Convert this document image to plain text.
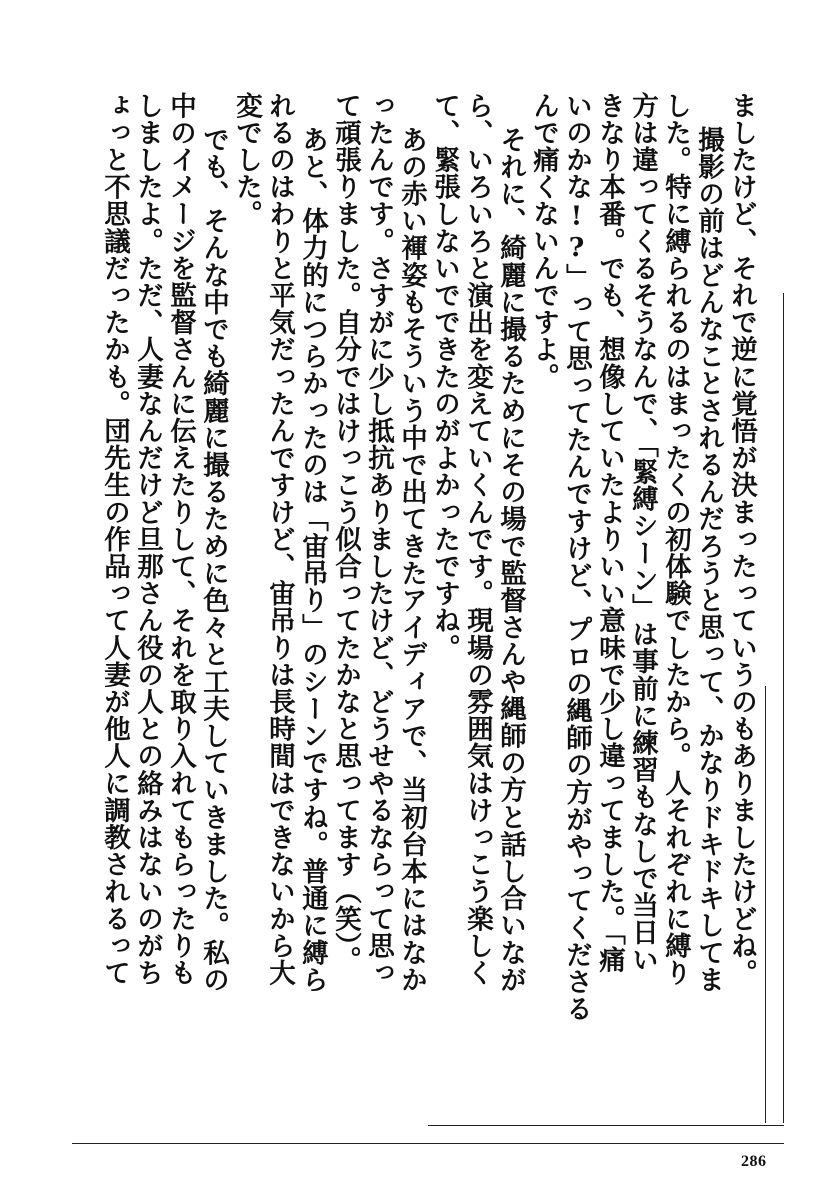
ましたけど、それで逆に覚悟が決まったっていうのもありましたけどね。
撮影の前はどんなことされるんだろうと思って、かなりドキドキしてま
した。特に縛られるのはまったくの初体験でしたから。人それぞれに縛り
方は違ってくるそうなんで、「緊縛シーン」は事前に練習もなしで当日い
きなり本番。でも、想像していたよりいい意味で少し違ってました。「痛
いのかな!?」って思ってたんですけど、プロの縄師の方がやってくださる
んで痛くないんですよ。
それに、綺麗に撮るためにその場で監督さんや縄師の方と話し合いなが
ら、いろいろと演出を変えていくんです。現場の雰囲気はけっこう楽しく
て、緊張しないでできたのがよかったですね。
あの赤い褌姿もそういう中で出てきたアイディアで、当初台本にはなか
ったんです。さすがに少し抵抗ありましたけど、どうせやるならって思っ
て頑張りました。自分ではけっこう似合ってたかなと思ってます（笑）。
あと、体力的につらかったのは「宙吊り」のシーンですね。普通に縛ら
れるのはわりと平気だったんですけど、宙吊りは長時間はできないから大
変でした。
でも、そんな中でも綺麗に撮るために色々と工夫していきました。私の
中のイメージを監督さんに伝えたりして、それを取り入れてもらったりも
しましたよ。ただ、人妻なんだけど旦那さん役の人との絡みはないのがち
ょっと不思議だったかも。団先生の作品って人妻が他人に調教されるって
286
